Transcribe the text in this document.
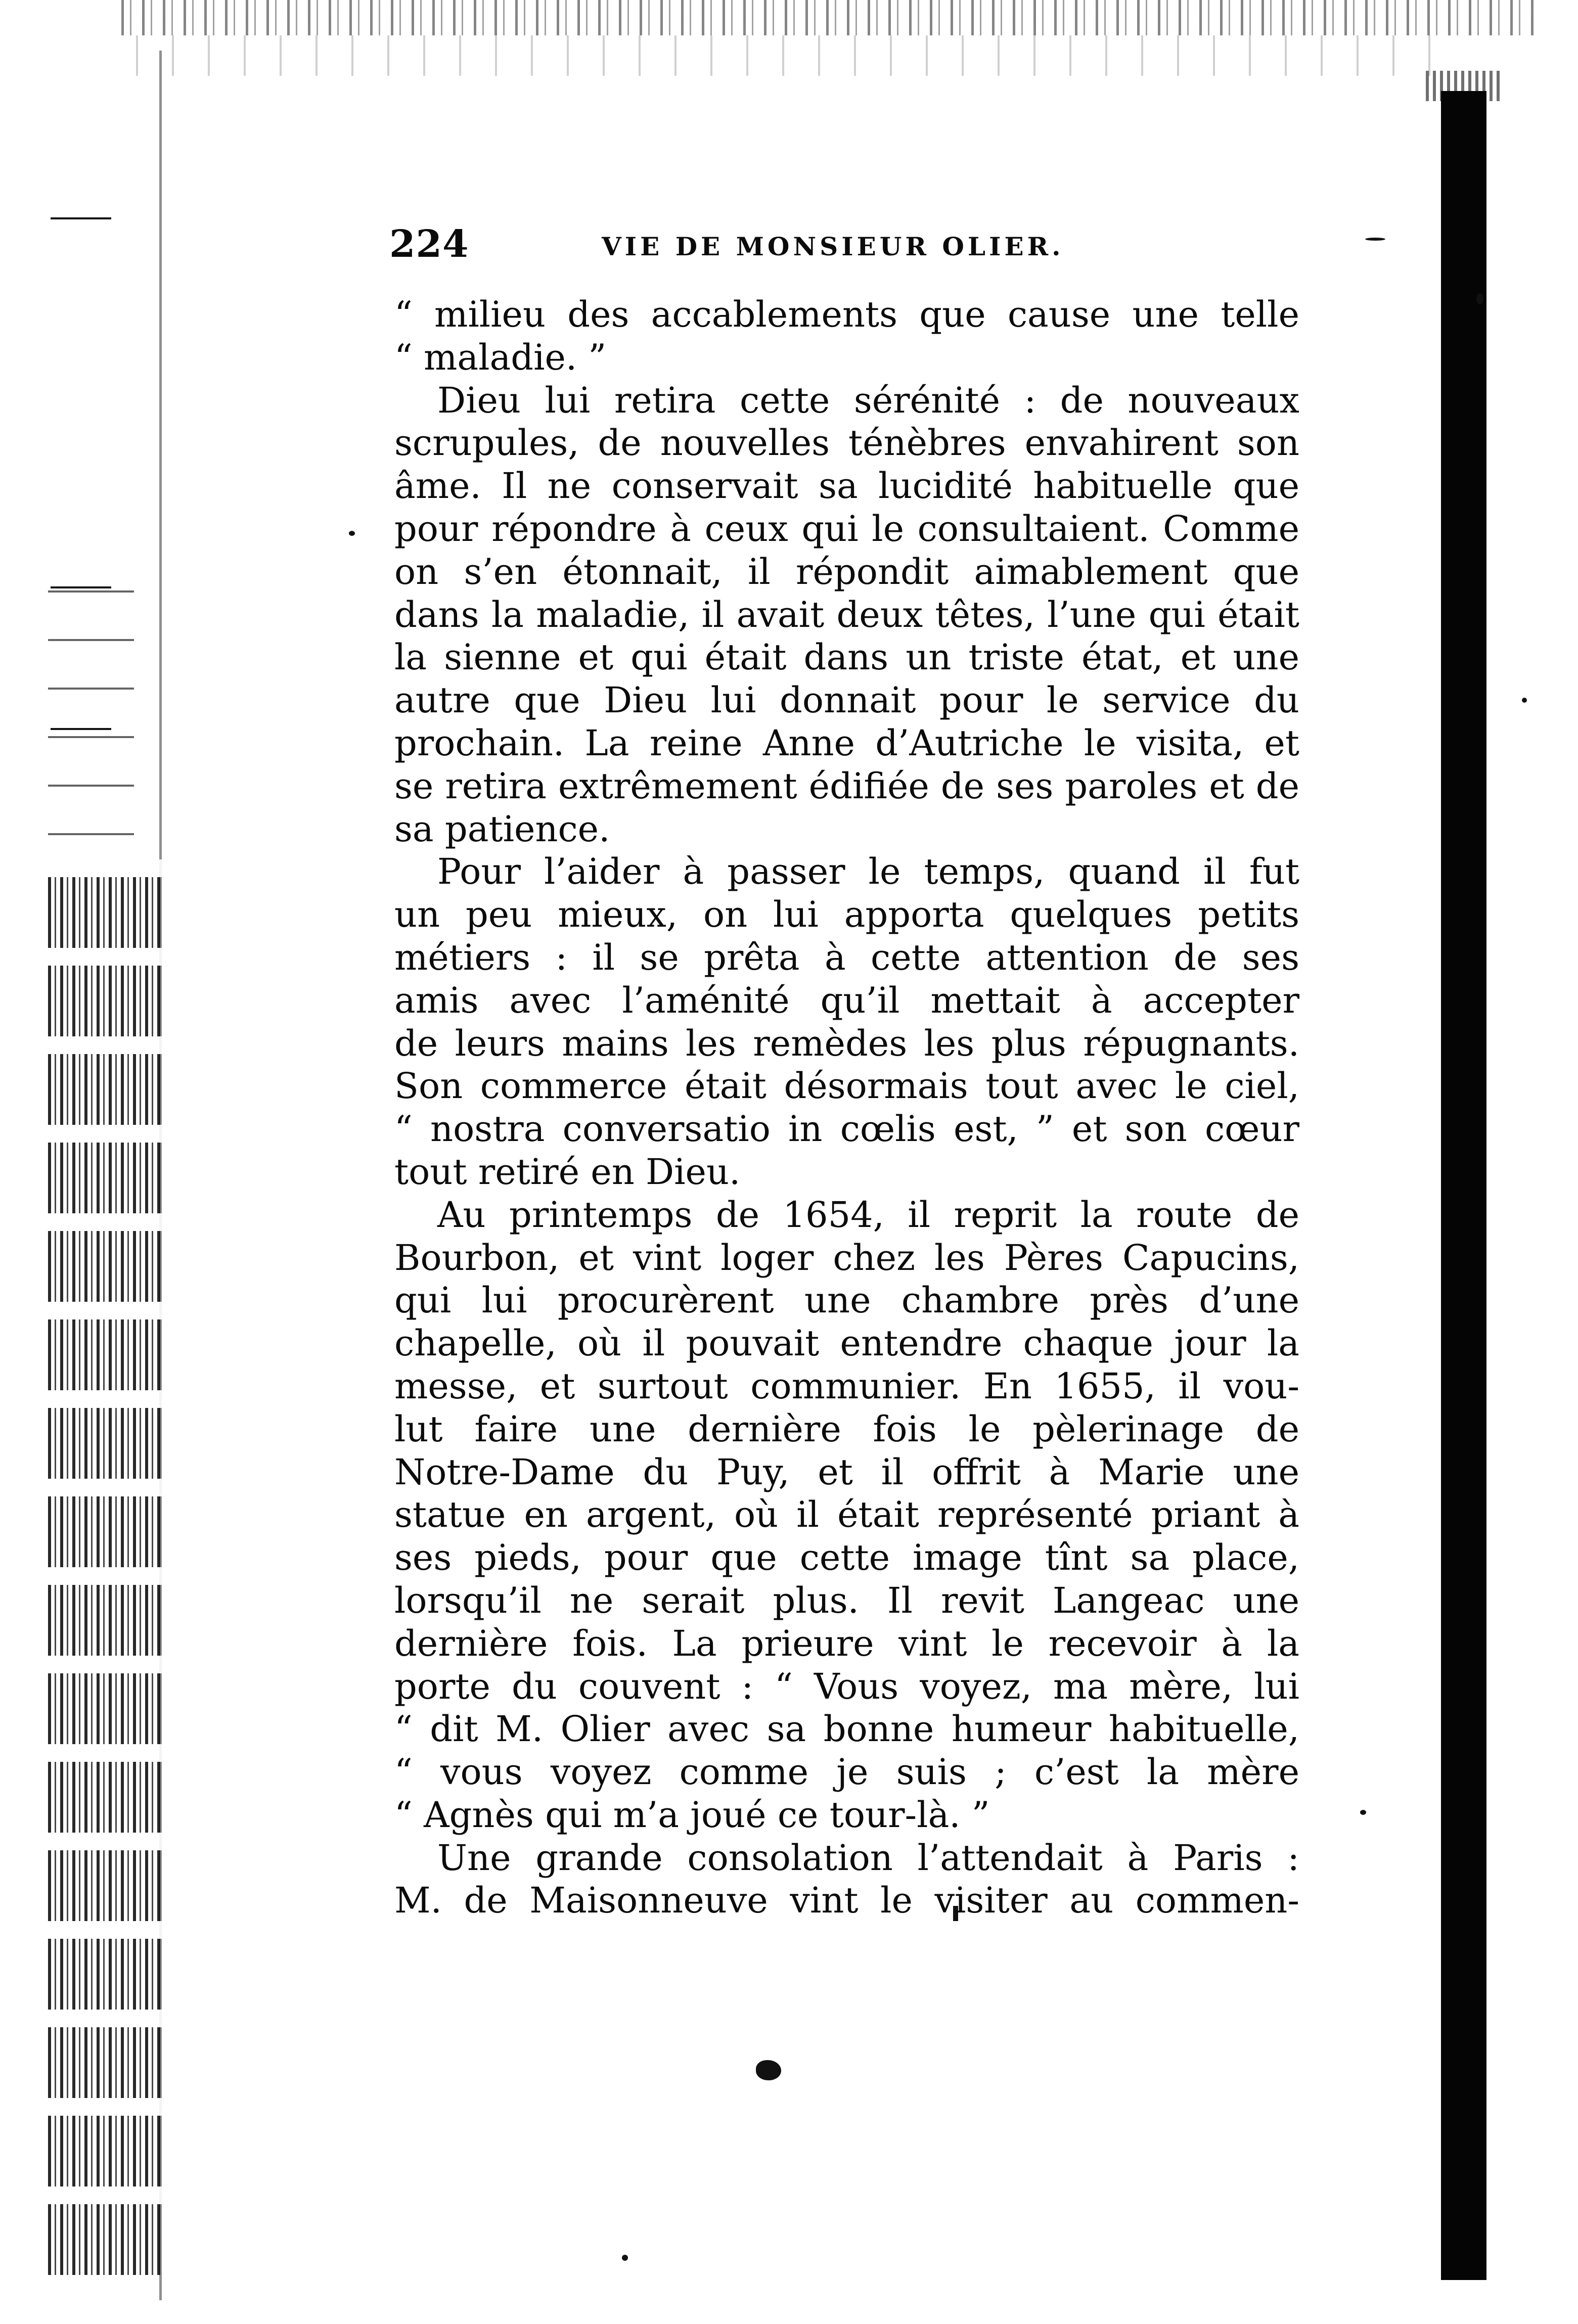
224	VIE DE MONSIEUR OLIER.
“ milieu des accablements que cause une telle
“ maladie. ”
Dieu lui retira cette sérénité : de nouveaux
scrupules, de nouvelles ténèbres envahirent son
âme. Il ne conservait sa lucidité habituelle que
pour répondre à ceux qui le consultaient. Comme
on s’en étonnait, il répondit aimablement que
dans la maladie, il avait deux têtes, l’une qui était
la sienne et qui était dans un triste état, et une
autre que Dieu lui donnait pour le service du
prochain. La reine Anne d’Autriche le visita, et
se retira extrêmement édifiée de ses paroles et de
sa patience.
Pour l’aider à passer le temps, quand il fut
un peu mieux, on lui apporta quelques petits
métiers : il se prêta à cette attention de ses
amis avec l’aménité qu’il mettait à accepter
de leurs mains les remèdes les plus répugnants.
Son commerce était désormais tout avec le ciel,
“ nostra conversatio in cœlis est, ” et son cœur
tout retiré en Dieu.
Au printemps de 1654, il reprit la route de
Bourbon, et vint loger chez les Pères Capucins,
qui lui procurèrent une chambre près d’une
chapelle, où il pouvait entendre chaque jour la
messe, et surtout communier. En 1655, il vou-
lut faire une dernière fois le pèlerinage de
Notre-Dame du Puy, et il offrit à Marie une
statue en argent, où il était représenté priant à
ses pieds, pour que cette image tînt sa place,
lorsqu’il ne serait plus. Il revit Langeac une
dernière fois. La prieure vint le recevoir à la
porte du couvent : “ Vous voyez, ma mère, lui
“ dit M. Olier avec sa bonne humeur habituelle,
“ vous voyez comme je suis ; c’est la mère
“ Agnès qui m’a joué ce tour-là. ”
Une grande consolation l’attendait à Paris :
M. de Maisonneuve vint le visiter au commen-
